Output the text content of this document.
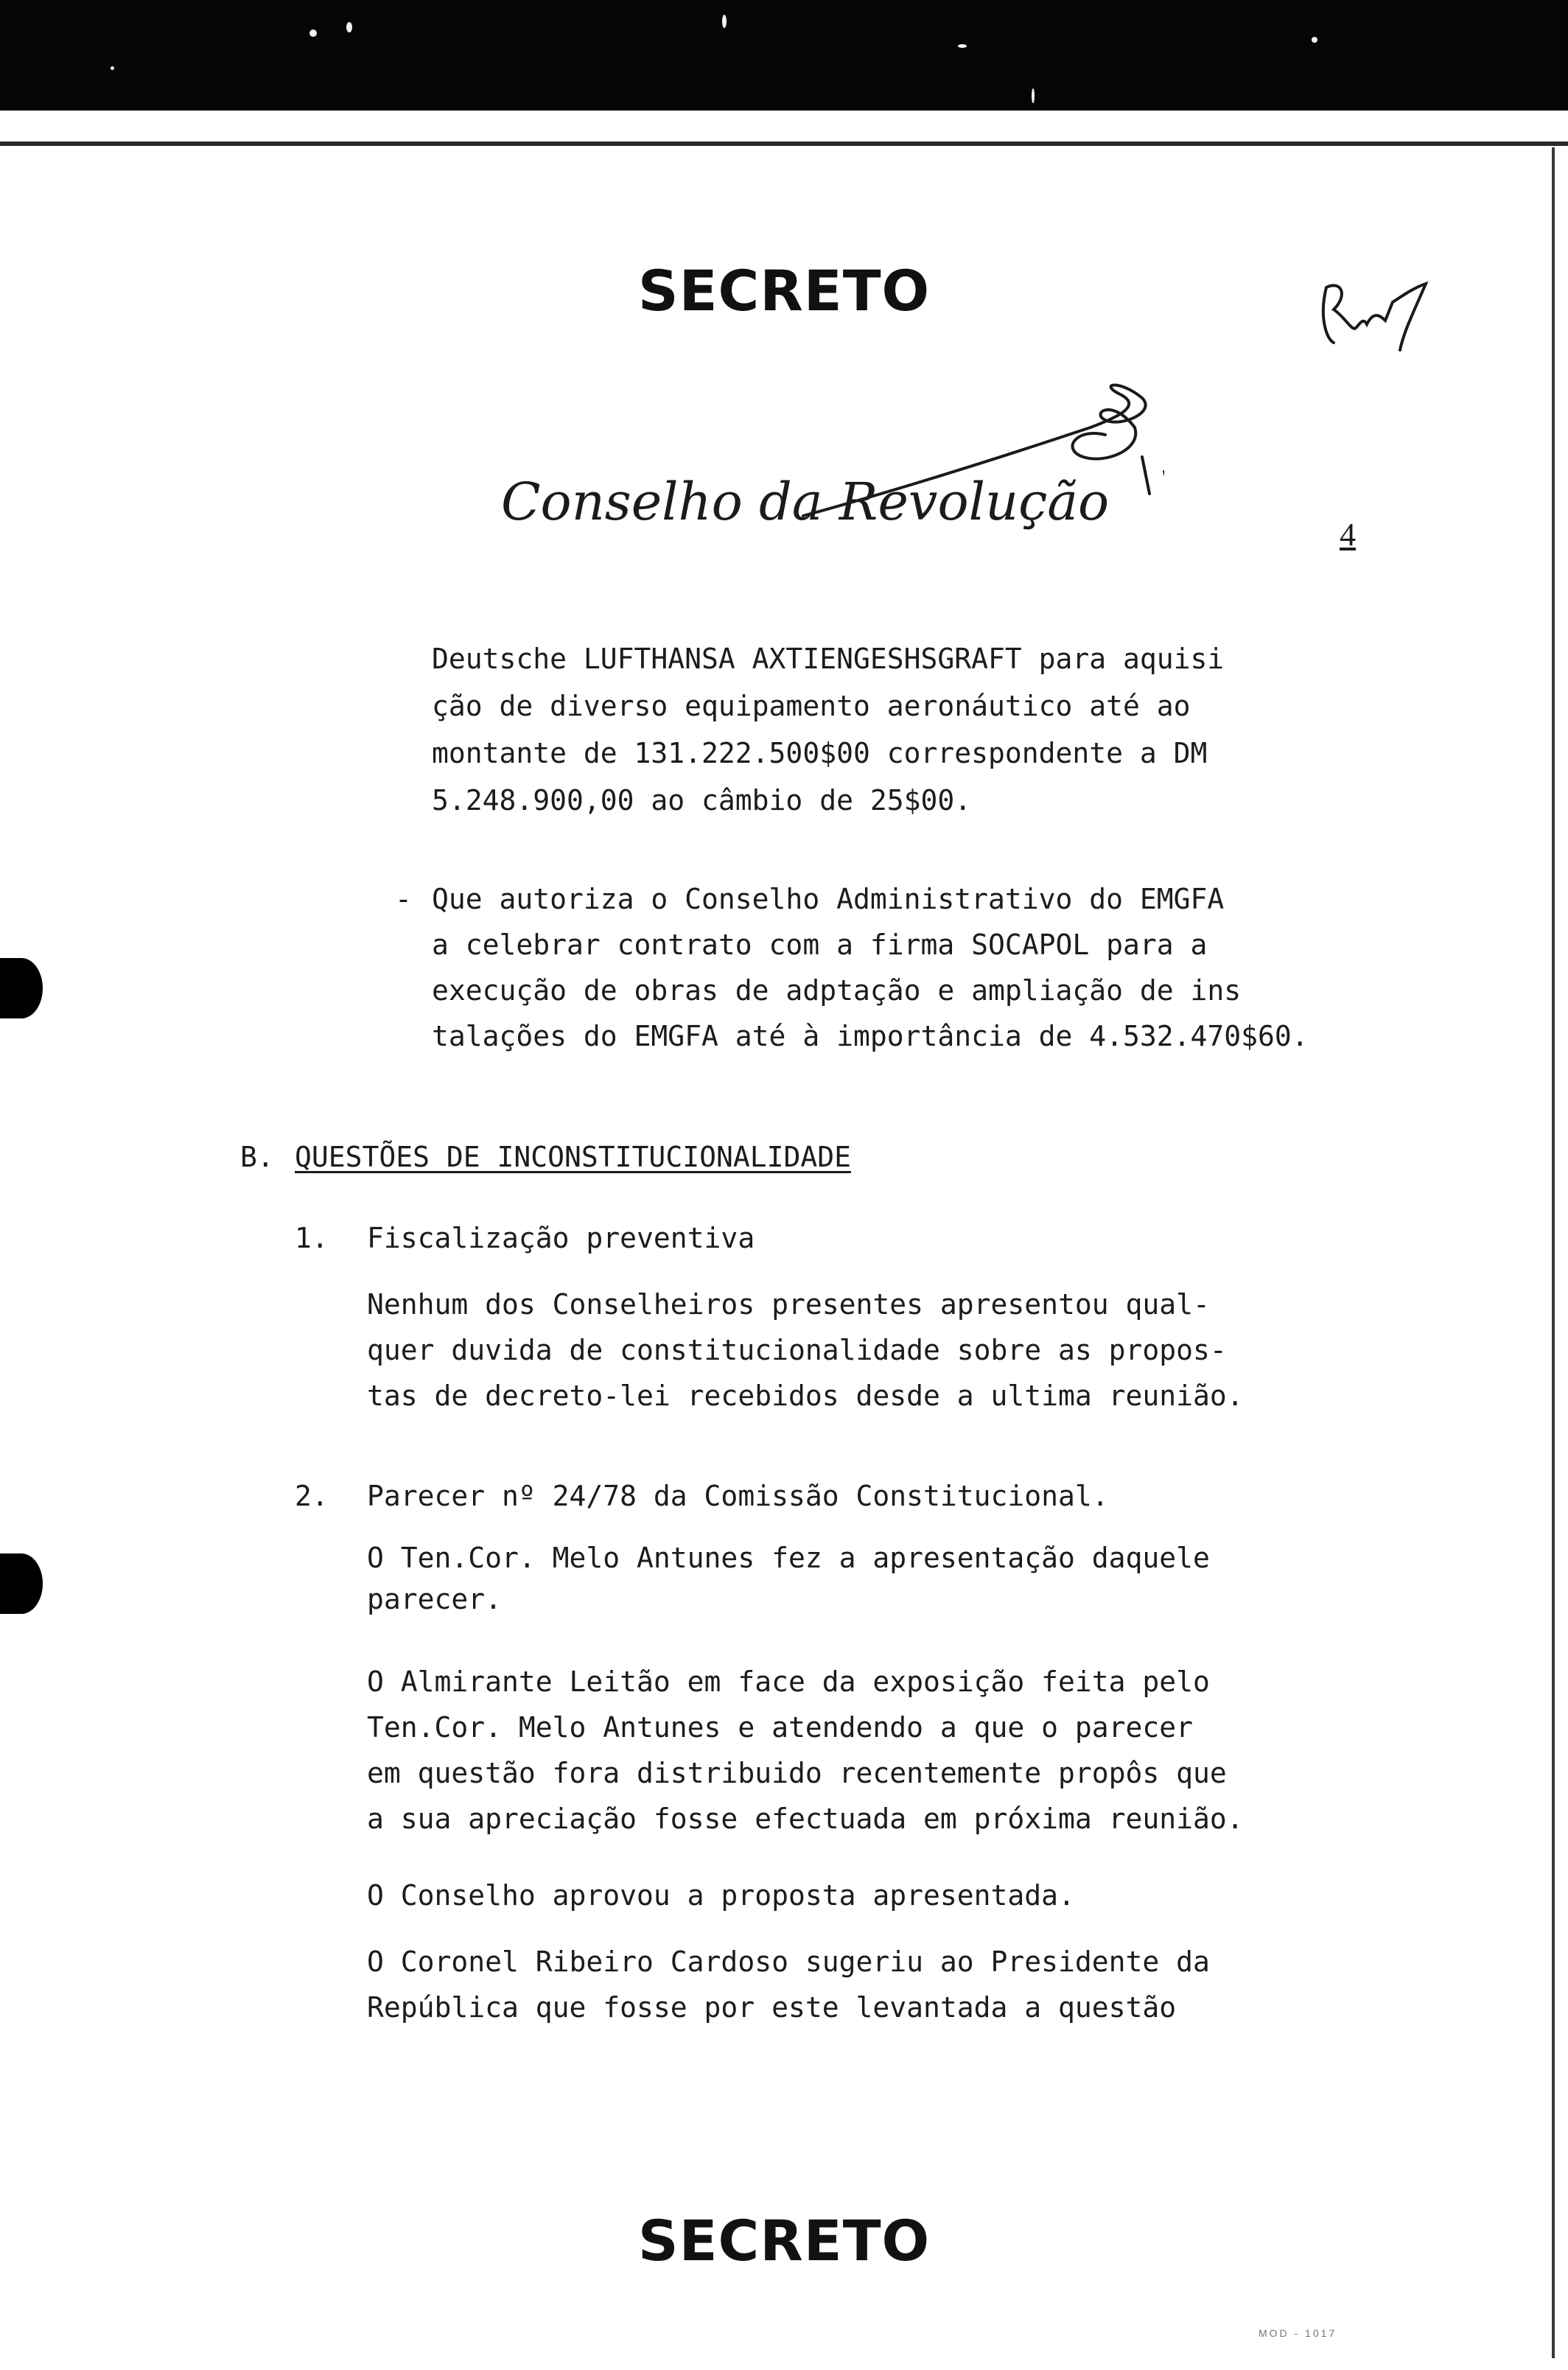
SECRETO
Conselho da Revolução
4
Deutsche LUFTHANSA AXTIENGESHSGRAFT para aquisi
ção de diverso equipamento aeronáutico até ao
montante de 131.222.500$00 correspondente a DM
5.248.900,00 ao câmbio de 25$00.
- Que autoriza o Conselho Administrativo do EMGFA
a celebrar contrato com a firma SOCAPOL para a
execução de obras de adptação e ampliação de ins
talações do EMGFA até à importância de 4.532.470$60.
B. QUESTÕES DE INCONSTITUCIONALIDADE
1. Fiscalização preventiva
Nenhum dos Conselheiros presentes apresentou qual-
quer duvida de constitucionalidade sobre as propos-
tas de decreto-lei recebidos desde a ultima reunião.
2. Parecer nº 24/78 da Comissão Constitucional.
O Ten.Cor. Melo Antunes fez a apresentação daquele
parecer.
O Almirante Leitão em face da exposição feita pelo
Ten.Cor. Melo Antunes e atendendo a que o parecer
em questão fora distribuido recentemente propôs que
a sua apreciação fosse efectuada em próxima reunião.
O Conselho aprovou a proposta apresentada.
O Coronel Ribeiro Cardoso sugeriu ao Presidente da
República que fosse por este levantada a questão
SECRETO
MOD - 1017
